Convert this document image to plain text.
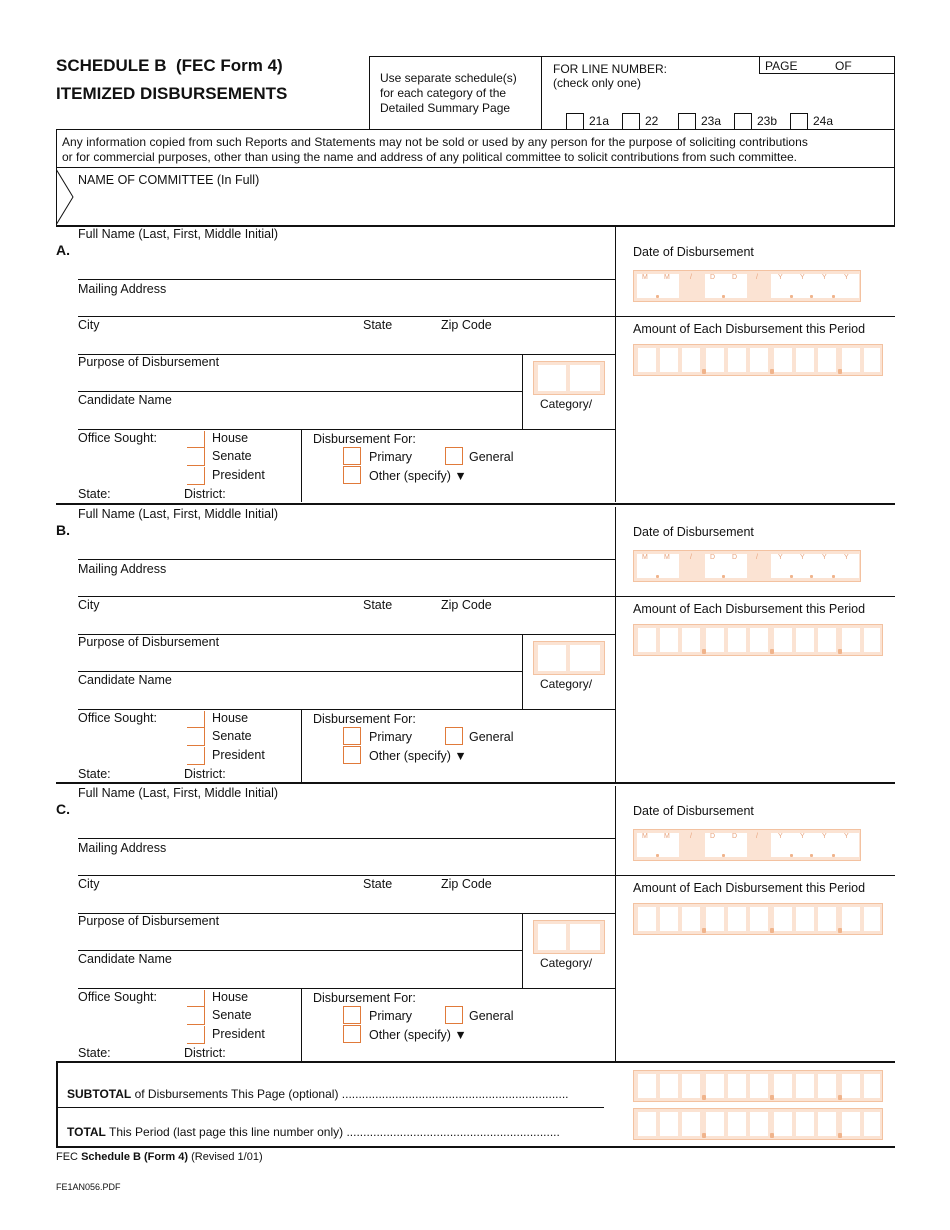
SCHEDULE B (FEC Form 4)
ITEMIZED DISBURSEMENTS
Use separate schedule(s)
for each category of the
Detailed Summary Page
FOR LINE NUMBER:
(check only one)
PAGE	OF
21a	22	23a	23b	24a
Any information copied from such Reports and Statements may not be sold or used by any person for the purpose of soliciting contributions
or for commercial purposes, other than using the name and address of any political committee to solicit contributions from such committee.
NAME OF COMMITTEE (In Full)
A.
Full Name (Last, First, Middle Initial)
Mailing Address
City	State	Zip Code
Purpose of Disbursement
Candidate Name	Category/
Office Sought:	House
Senate
President
State:	District:
Disbursement For:
Primary	General
Other (specify) ▼
Date of Disbursement
M M	/	D D	/	Y Y Y Y
Amount of Each Disbursement this Period
B.
Full Name (Last, First, Middle Initial)
Mailing Address
City	State	Zip Code
Purpose of Disbursement
Candidate Name	Category/
Office Sought:	House
Senate
President
State:	District:
Disbursement For:
Primary	General
Other (specify) ▼
Date of Disbursement
M M	/	D D	/	Y Y Y Y
Amount of Each Disbursement this Period
C.
Full Name (Last, First, Middle Initial)
Mailing Address
City	State	Zip Code
Purpose of Disbursement
Candidate Name	Category/
Office Sought:	House
Senate
President
State:	District:
Disbursement For:
Primary	General
Other (specify) ▼
Date of Disbursement
M M	/	D D	/	Y Y Y Y
Amount of Each Disbursement this Period
SUBTOTAL of Disbursements This Page (optional) ....................................................................
TOTAL This Period (last page this line number only) ................................................................
FEC Schedule B (Form 4) (Revised 1/01)
FE1AN056.PDF
